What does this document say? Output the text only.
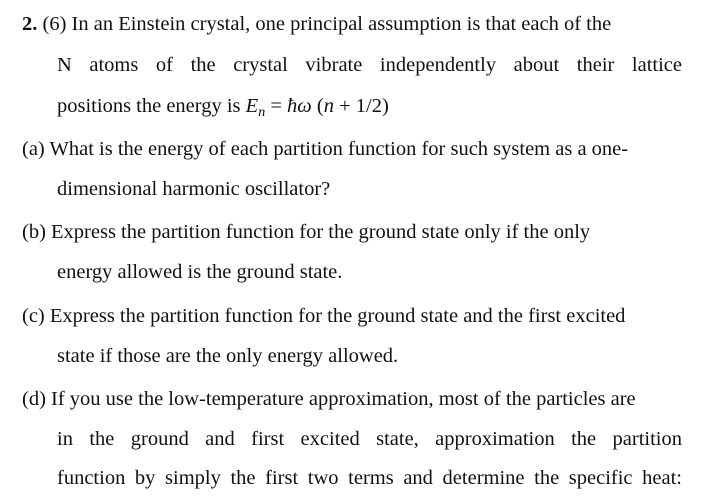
2. (6) In an Einstein crystal, one principal assumption is that each of the
N atoms of the crystal vibrate independently about their lattice
positions the energy is $E_n$ = ħω (n + 1/2)
(a) What is the energy of each partition function for such system as a one-
dimensional harmonic oscillator?
(b) Express the partition function for the ground state only if the only
energy allowed is the ground state.
(c) Express the partition function for the ground state and the first excited
state if those are the only energy allowed.
(d) If you use the low-temperature approximation, most of the particles are
in the ground and first excited state, approximation the partition
function by simply the first two terms and determine the specific heat:
